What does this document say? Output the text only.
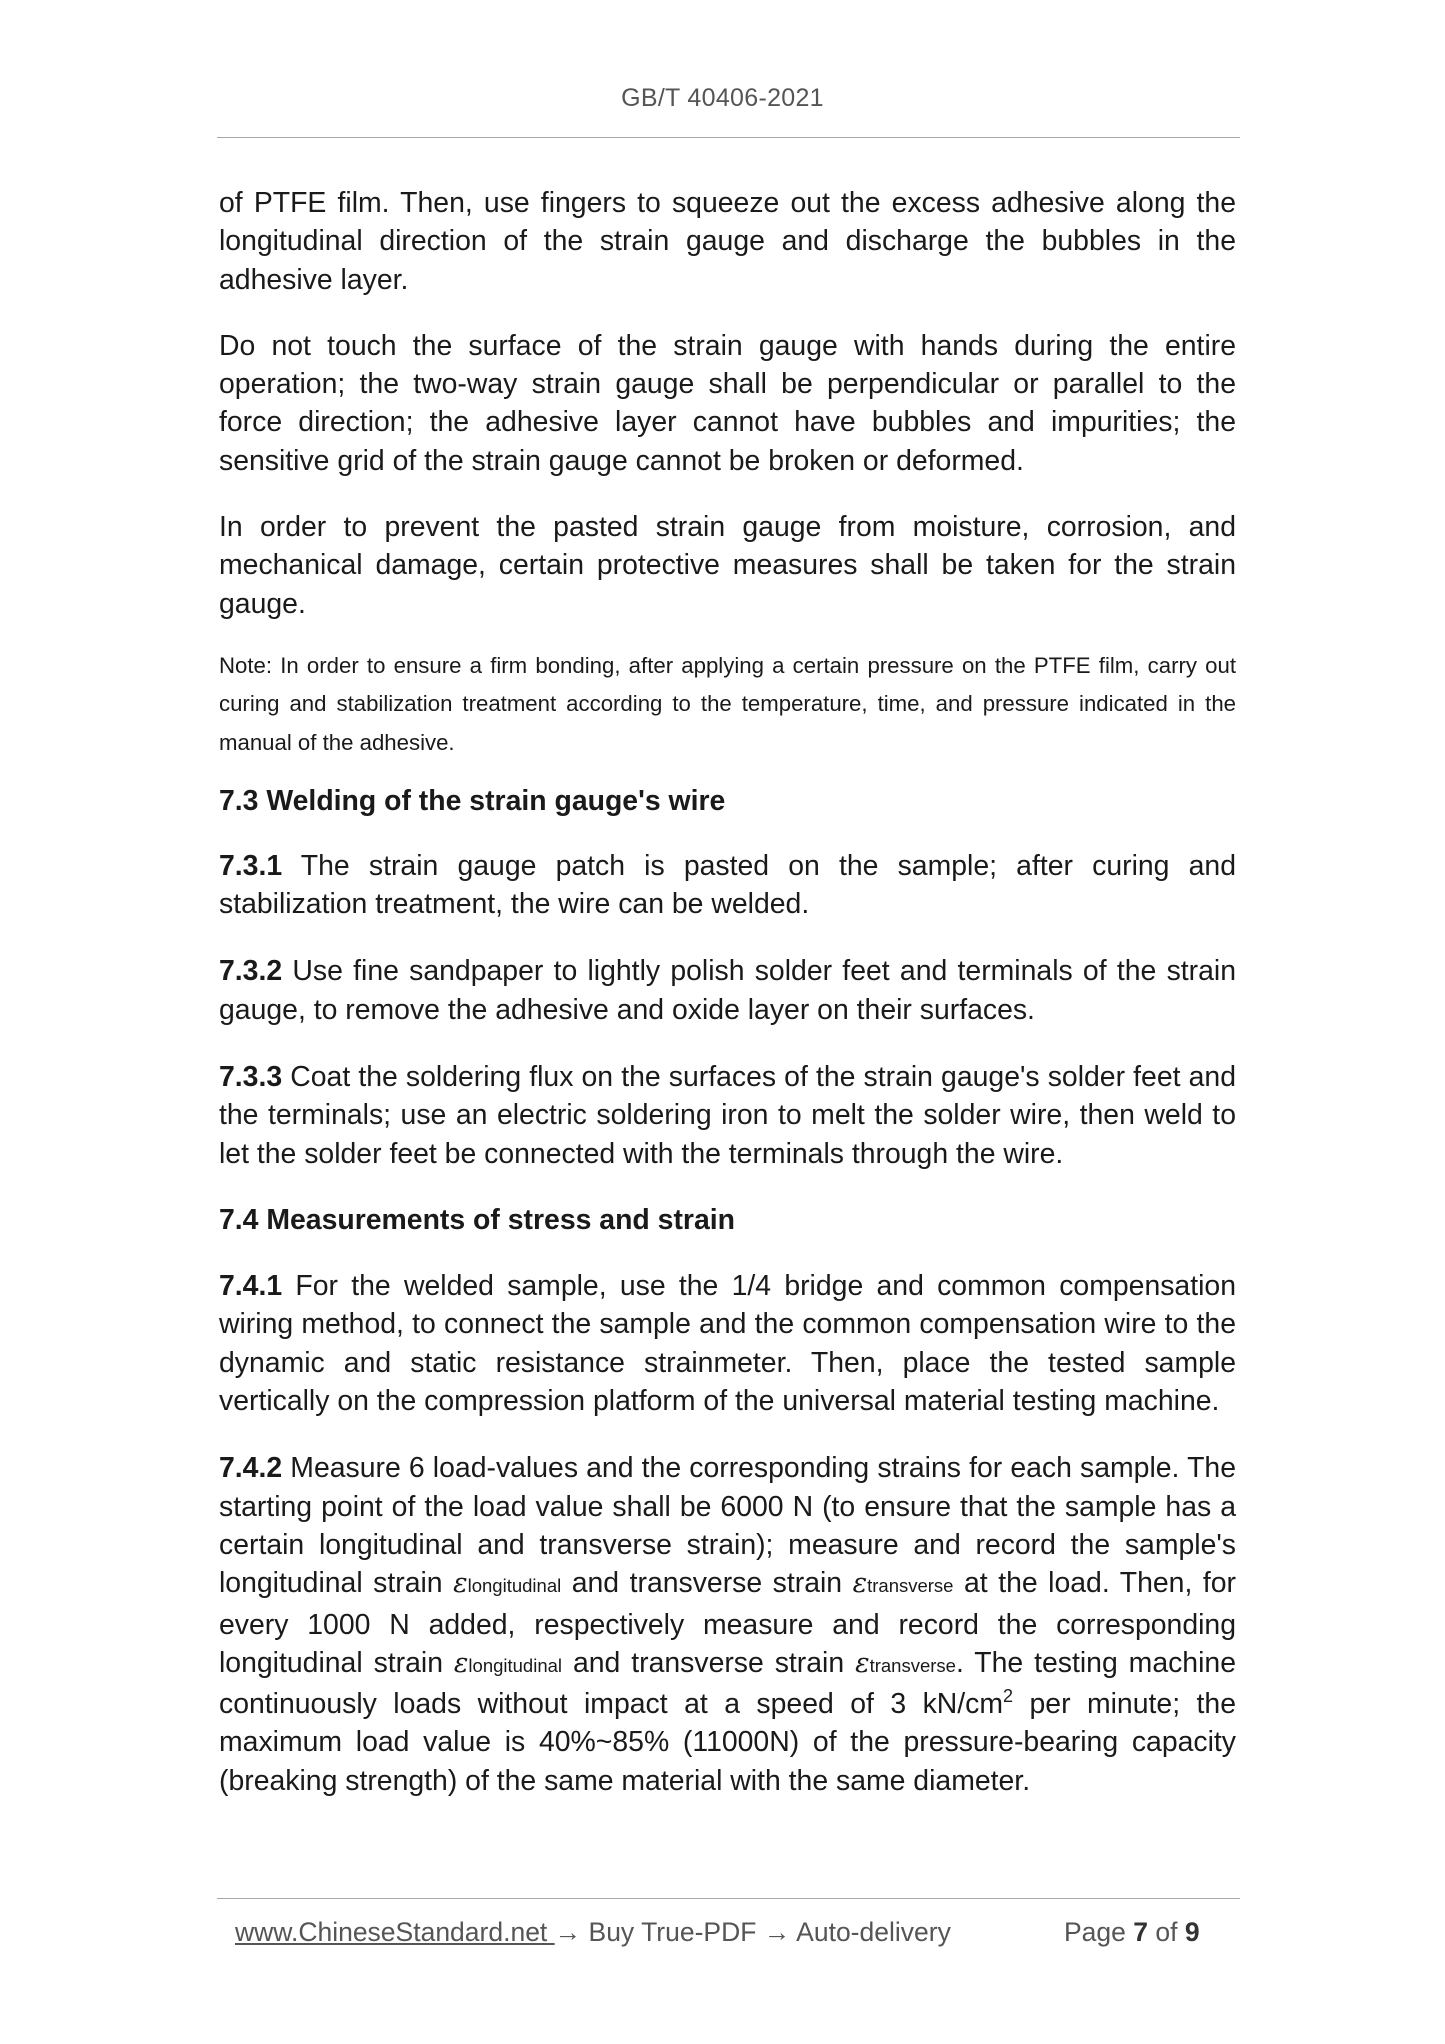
GB/T 40406-2021

of PTFE film. Then, use fingers to squeeze out the excess adhesive along the longitudinal direction of the strain gauge and discharge the bubbles in the adhesive layer.

Do not touch the surface of the strain gauge with hands during the entire operation; the two-way strain gauge shall be perpendicular or parallel to the force direction; the adhesive layer cannot have bubbles and impurities; the sensitive grid of the strain gauge cannot be broken or deformed.

In order to prevent the pasted strain gauge from moisture, corrosion, and mechanical damage, certain protective measures shall be taken for the strain gauge.

Note: In order to ensure a firm bonding, after applying a certain pressure on the PTFE film, carry out curing and stabilization treatment according to the temperature, time, and pressure indicated in the manual of the adhesive.

7.3 Welding of the strain gauge's wire

7.3.1 The strain gauge patch is pasted on the sample; after curing and stabilization treatment, the wire can be welded.

7.3.2 Use fine sandpaper to lightly polish solder feet and terminals of the strain gauge, to remove the adhesive and oxide layer on their surfaces.

7.3.3 Coat the soldering flux on the surfaces of the strain gauge's solder feet and the terminals; use an electric soldering iron to melt the solder wire, then weld to let the solder feet be connected with the terminals through the wire.

7.4 Measurements of stress and strain

7.4.1 For the welded sample, use the 1/4 bridge and common compensation wiring method, to connect the sample and the common compensation wire to the dynamic and static resistance strainmeter. Then, place the tested sample vertically on the compression platform of the universal material testing machine.

7.4.2 Measure 6 load-values and the corresponding strains for each sample. The starting point of the load value shall be 6000 N (to ensure that the sample has a certain longitudinal and transverse strain); measure and record the sample's longitudinal strain εlongitudinal and transverse strain εtransverse at the load. Then, for every 1000 N added, respectively measure and record the corresponding longitudinal strain εlongitudinal and transverse strain εtransverse. The testing machine continuously loads without impact at a speed of 3 $kN/cm^2$ per minute; the maximum load value is 40%~85% (11000N) of the pressure-bearing capacity (breaking strength) of the same material with the same diameter.

www.ChineseStandard.net → Buy True-PDF → Auto-delivery	Page 7 of 9
